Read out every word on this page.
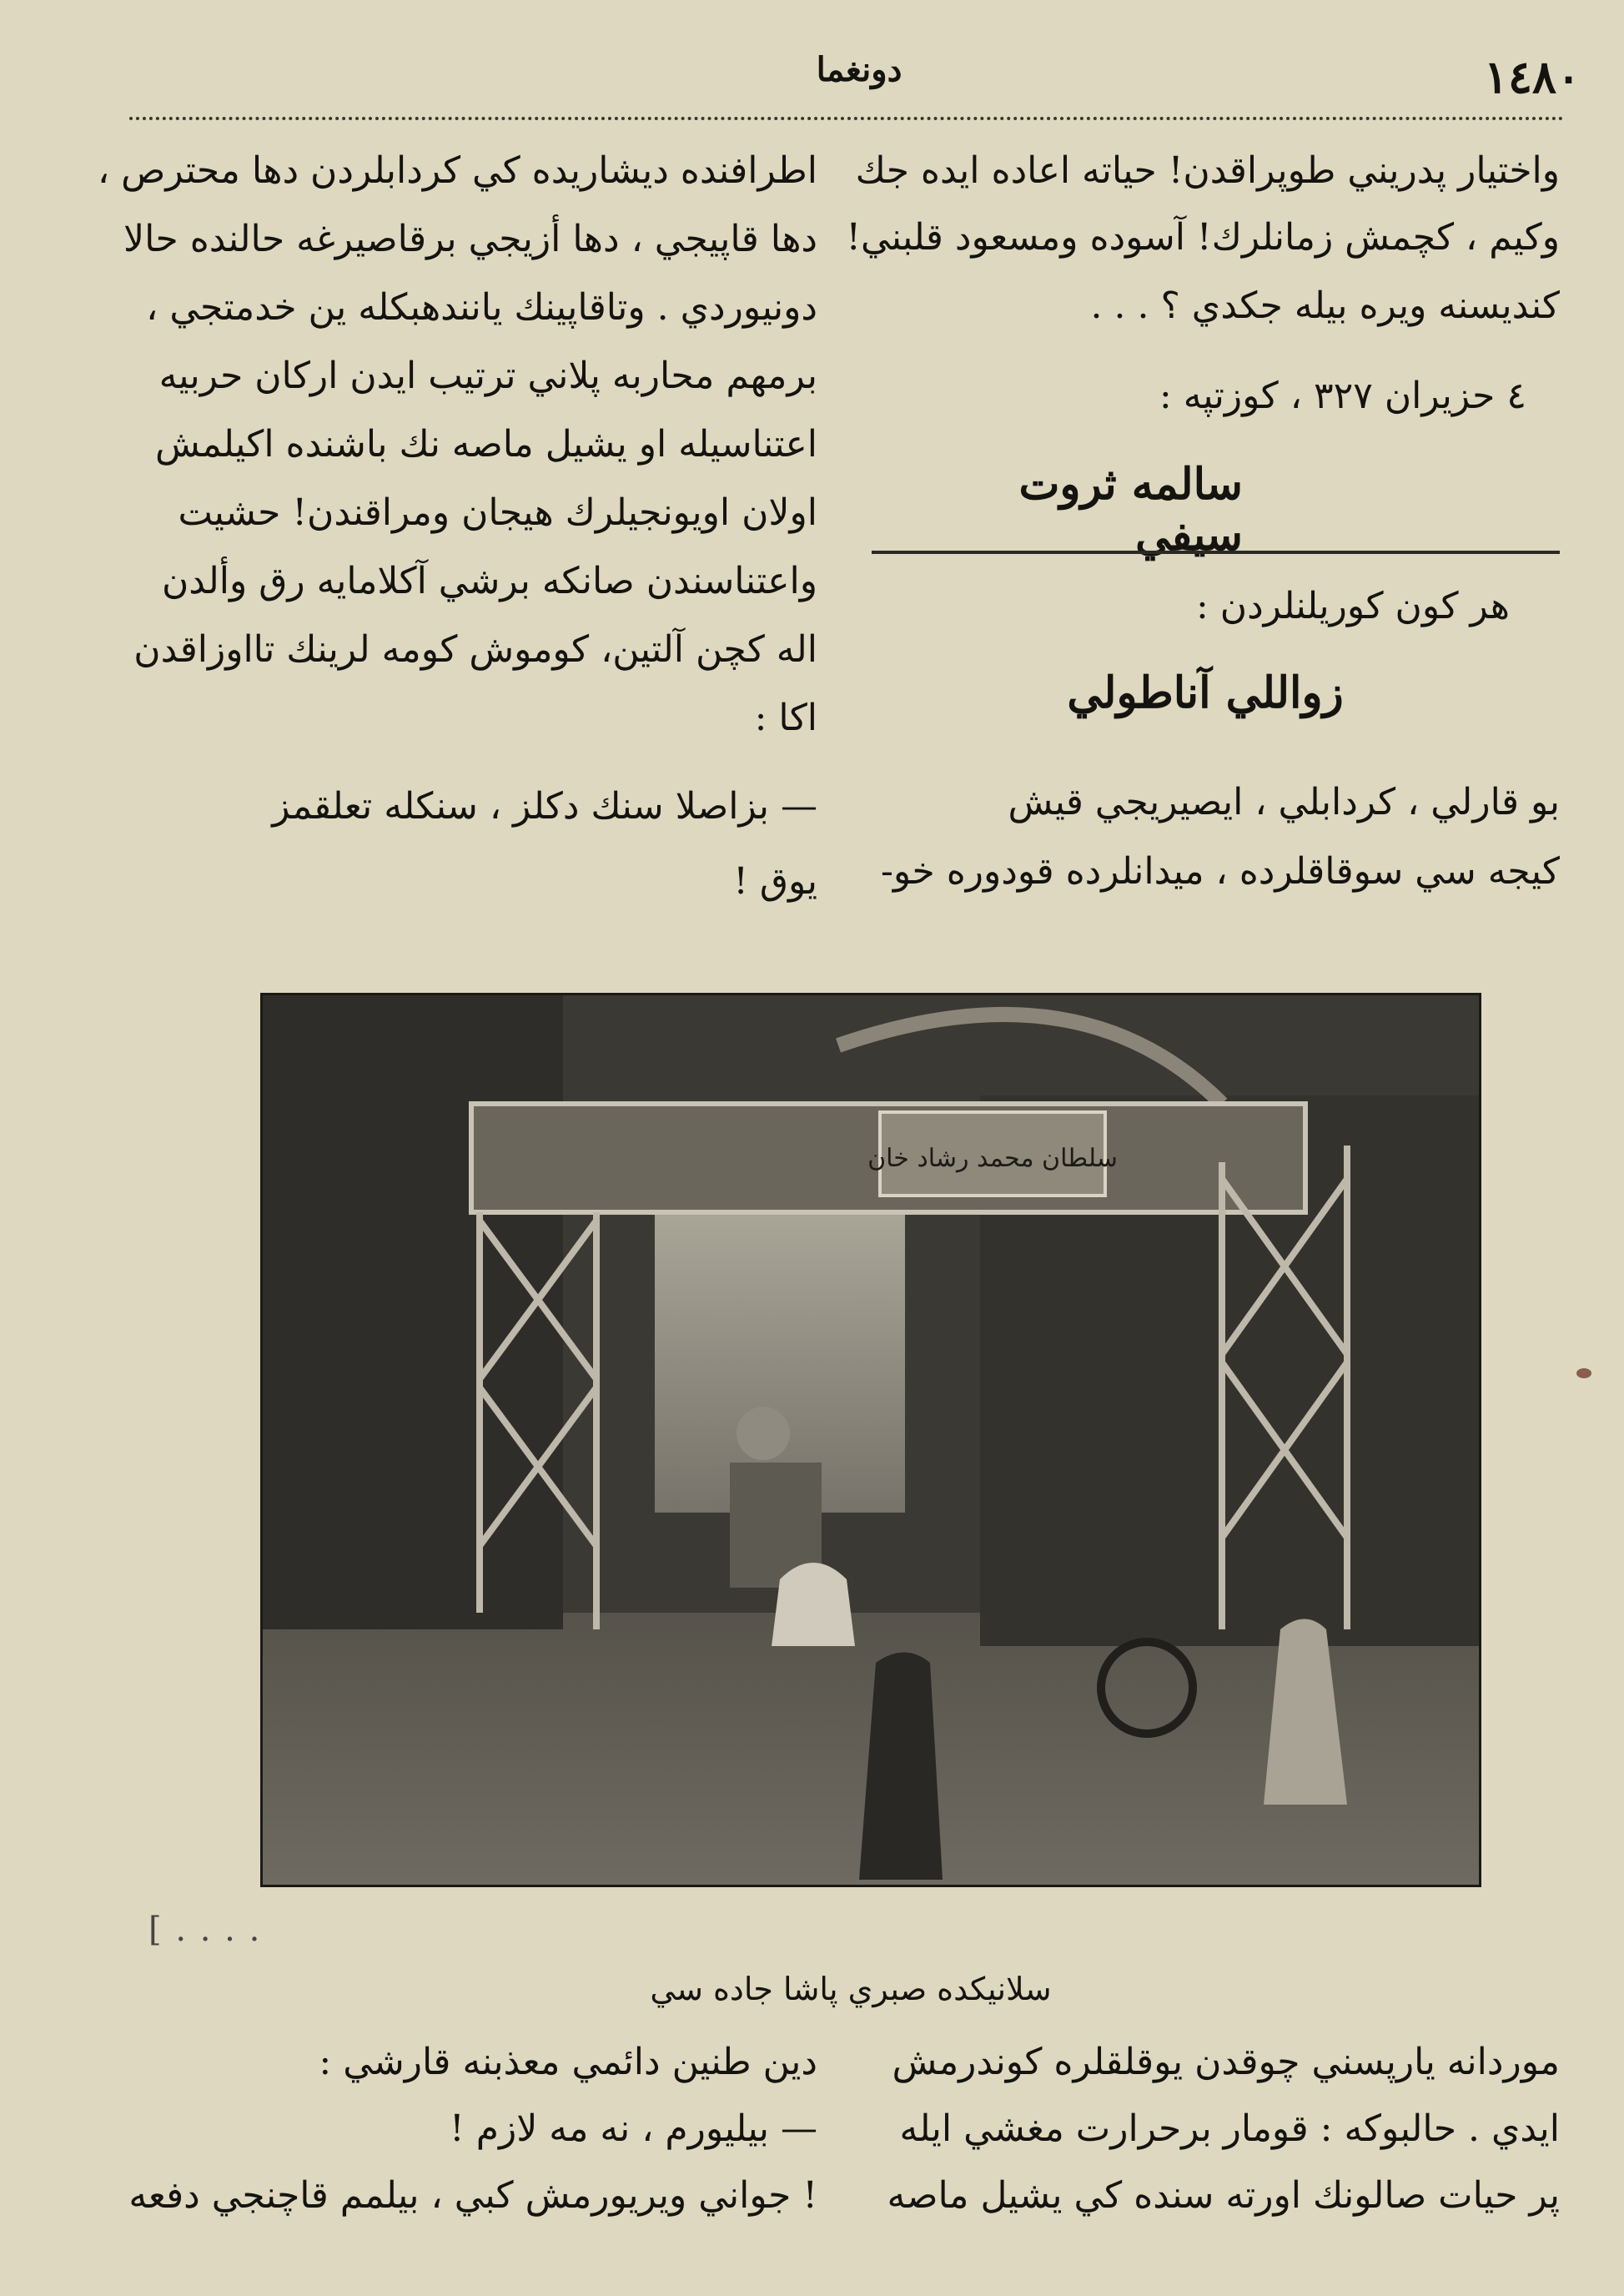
١٤٨٠
دونغما
واختيار پدريني طوپراقدن! حياته اعاده ايده جك
وكيم ، كچمش زمانلرك! آسوده ومسعود قلبني!
كنديسنه ويره بيله جكدي ؟ . . .
٤ حزيران ٣٢٧ ، كوزتپه :
سالمه ثروت سيفي
هر كون كوريلنلردن :
زواللي آناطولي
بو قارلي ، كردابلي ، ايصيريجي قيش
كيجه سي سوقاقلرده ، ميدانلرده قودوره خو-
اطرافنده ديشاريده كي كردابلردن دها محترص ،
دها قاپيجي ، دها أزيجي برقاصيرغه حالنده حالا
دونيوردي . وتاقاپينك يانندهبكله ين خدمتجي ،
برمهم محاربه پلاني ترتيب ايدن اركان حربيه
اعتناسيله او يشيل ماصه نك باشنده اكيلمش
اولان اويونجيلرك هيجان ومراقندن! حشيت
واعتناسندن صانكه برشي آكلامايه رق وألدن
اله كچن آلتين، كوموش كومه لرينك تااوزاقدن
اكا :
— بزاصلا سنك دكلز ، سنكله تعلقمز
يوق !
سلطان محمد رشاد خان
[ . . . .
سلانيكده صبري پاشا جاده سي
موردانه يارپسني چوقدن يوقلقلره كوندرمش
ايدي . حالبوكه : قومار برحرارت مغشي ايله
پر حيات صالونك اورته سنده كي يشيل ماصه
دين طنين دائمي معذبنه قارشي :
— بيليورم ، نه مه لازم !
! جواني ويريورمش كبي ، بيلمم قاچنجي دفعه
